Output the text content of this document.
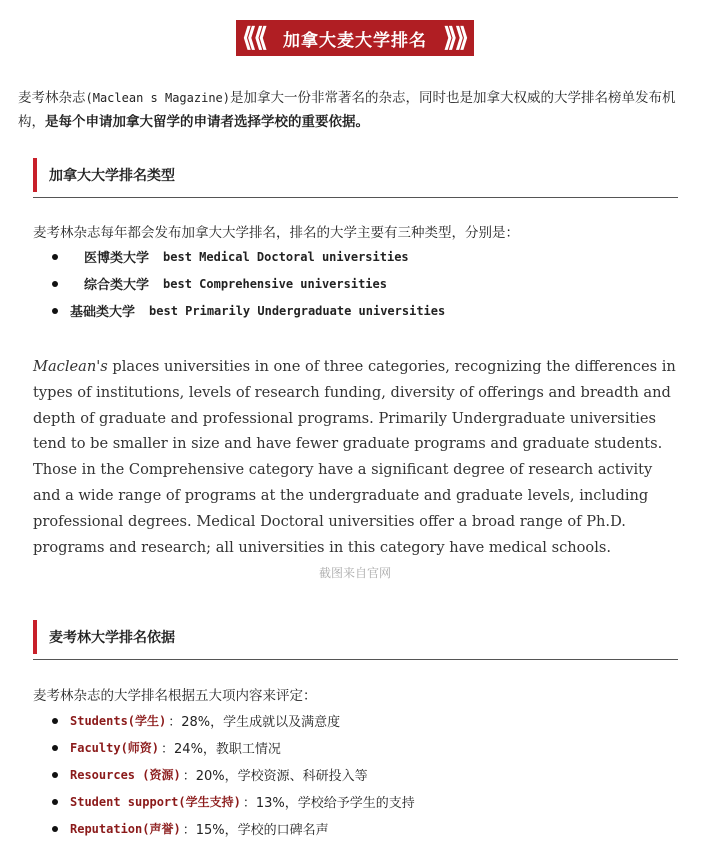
⟪⟪ 加拿大麦大学排名 ⟫⟫
麦考林杂志(Maclean s Magazine)是加拿大一份非常著名的杂志，同时也是加拿大权威的大学排名榜单发布机构，是每个申请加拿大留学的申请者选择学校的重要依据。
加拿大大学排名类型
麦考林杂志每年都会发布加拿大大学排名，排名的大学主要有三种类型，分别是：
医博类大学 best Medical Doctoral universities
综合类大学 best Comprehensive universities
基础类大学 best Primarily Undergraduate universities
Maclean's places universities in one of three categories, recognizing the differences in types of institutions, levels of research funding, diversity of offerings and breadth and depth of graduate and professional programs. Primarily Undergraduate universities tend to be smaller in size and have fewer graduate programs and graduate students. Those in the Comprehensive category have a significant degree of research activity and a wide range of programs at the undergraduate and graduate levels, including professional degrees. Medical Doctoral universities offer a broad range of Ph.D. programs and research; all universities in this category have medical schools.
截图来自官网
麦考林大学排名依据
麦考林杂志的大学排名根据五大项内容来评定：
Students(学生) ：28%，学生成就以及满意度
Faculty(师资) ：24%，教职工情况
Resources (资源) ：20%，学校资源、科研投入等
Student support(学生支持) ：13%，学校给予学生的支持
Reputation(声誉) ：15%，学校的口碑名声
